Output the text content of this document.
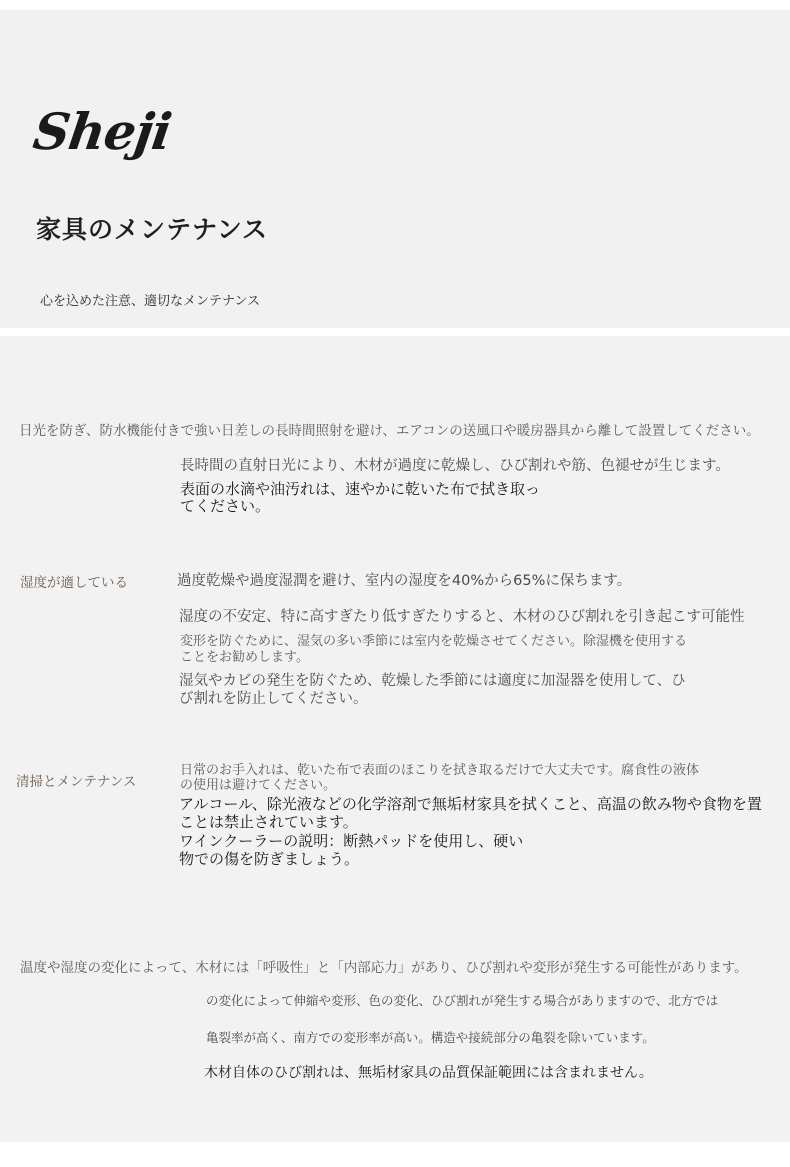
Sheji
家具のメンテナンス
心を込めた注意、適切なメンテナンス

日光を防ぎ、防水機能付きで強い日差しの長時間照射を避け、エアコンの送風口や暖房器具から離して設置してください。

長時間の直射日光により、木材が過度に乾燥し、ひび割れや筋、色褪せが生じます。

表面の水滴や油汚れは、速やかに乾いた布で拭き取っ

てください。

湿度が適している	過度乾燥や過度湿潤を避け、室内の湿度を40%から65%に保ちます。

湿度の不安定、特に高すぎたり低すぎたりすると、木材のひび割れを引き起こす可能性

変形を防ぐために、湿気の多い季節には室内を乾燥させてください。除湿機を使用する

ことをお勧めします。

湿気やカビの発生を防ぐため、乾燥した季節には適度に加湿器を使用して、ひ

び割れを防止してください。

清掃とメンテナンス

日常のお手入れは、乾いた布で表面のほこりを拭き取るだけで大丈夫です。腐食性の液体

の使用は避けてください。

アルコール、除光液などの化学溶剤で無垢材家具を拭くこと、高温の飲み物や食物を置

ことは禁止されています。

ワインクーラーの説明：断熱パッドを使用し、硬い

物での傷を防ぎましょう。

温度や湿度の変化によって、木材には「呼吸性」と「内部応力」があり、ひび割れや変形が発生する可能性があります。

の変化によって伸縮や変形、色の変化、ひび割れが発生する場合がありますので、北方では

亀裂率が高く、南方での変形率が高い。構造や接続部分の亀裂を除いています。

木材自体のひび割れは、無垢材家具の品質保証範囲には含まれません。
